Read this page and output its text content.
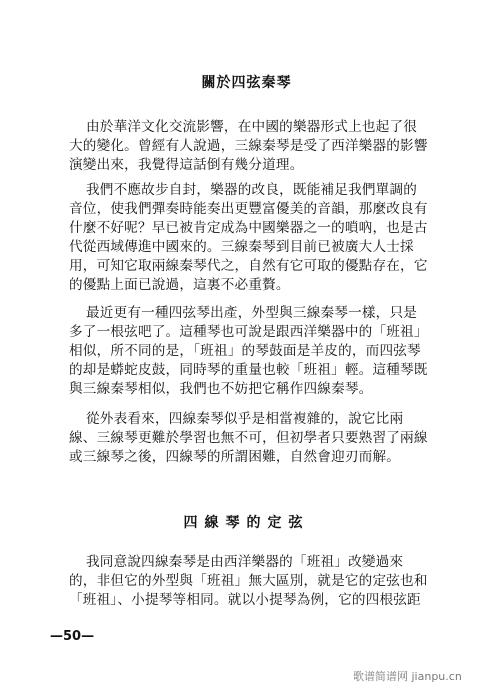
關於四弦秦琴
由於華洋文化交流影響，在中國的樂器形式上也起了很
大的變化。曾經有人說過，三線秦琴是受了西洋樂器的影響
演變出來，我覺得這話倒有幾分道理。
我們不應故步自封，樂器的改良，既能補足我們單調的
音位，使我們彈奏時能奏出更豐富優美的音韻，那麼改良有
什麼不好呢？早已被肯定成為中國樂器之一的嗩吶，也是古
代從西域傳進中國來的。三線秦琴到目前已被廣大人士採
用，可知它取兩線秦琴代之，自然有它可取的優點存在，它
的優點上面已說過，這裏不必重贅。
最近更有一種四弦琴出產，外型與三線秦琴一樣，只是
多了一根弦吧了。這種琴也可說是跟西洋樂器中的「班祖」
相似，所不同的是，「班祖」的琴鼓面是羊皮的，而四弦琴
的却是蟒蛇皮鼓，同時琴的重量也較「班祖」輕。這種琴既
與三線秦琴相似，我們也不妨把它稱作四線秦琴。
從外表看來，四線秦琴似乎是相當複雜的，說它比兩
線、三線琴更難於學習也無不可，但初學者只要熟習了兩線
或三線琴之後，四線琴的所謂困難，自然會迎刃而解。
四線琴的定弦
我同意說四線秦琴是由西洋樂器的「班祖」改變過來
的，非但它的外型與「班祖」無大區別，就是它的定弦也和
「班祖」、小提琴等相同。就以小提琴為例，它的四根弦距
—50—
歌谱简谱网 jianpu.cn
